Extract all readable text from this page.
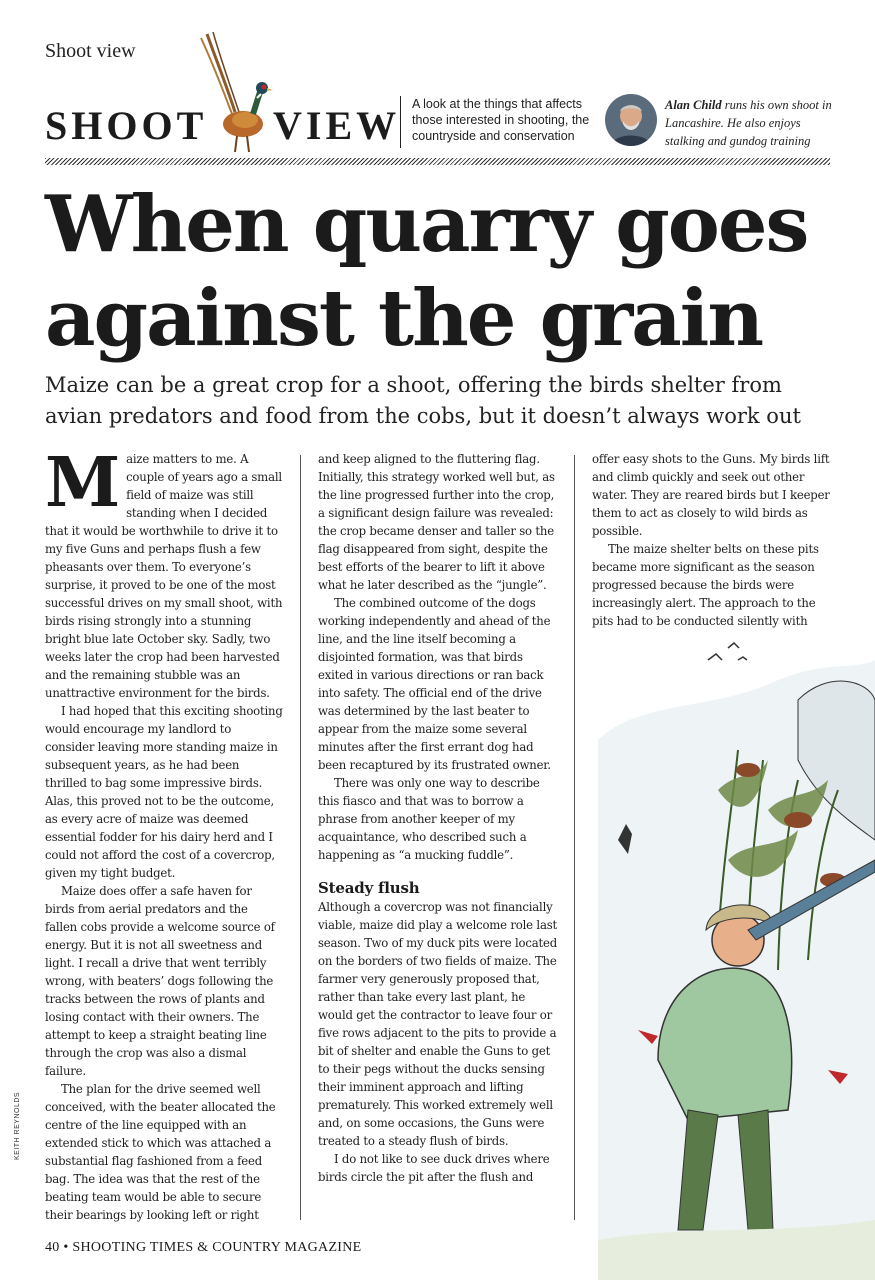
Shoot view
SHOOT VIEW A look at the things that affects those interested in shooting, the countryside and conservation
Alan Child runs his own shoot in Lancashire. He also enjoys stalking and gundog training
When quarry goes against the grain

Maize can be a great crop for a shoot, offering the birds shelter from avian predators and food from the cobs, but it doesn’t always work out

M aize matters to me. A couple of years ago a small field of maize was still standing when I decided that it would be worthwhile to drive it to my five Guns and perhaps flush a few pheasants over them. To everyone’s surprise, it proved to be one of the most successful drives on my small shoot, with birds rising strongly into a stunning bright blue late October sky. Sadly, two weeks later the crop had been harvested and the remaining stubble was an unattractive environment for the birds.

I had hoped that this exciting shooting would encourage my landlord to consider leaving more standing maize in subsequent years, as he had been thrilled to bag some impressive birds. Alas, this proved not to be the outcome, as every acre of maize was deemed essential fodder for his dairy herd and I could not afford the cost of a covercrop, given my tight budget.

Maize does offer a safe haven for birds from aerial predators and the fallen cobs provide a welcome source of energy. But it is not all sweetness and light. I recall a drive that went terribly wrong, with beaters’ dogs following the tracks between the rows of plants and losing contact with their owners. The attempt to keep a straight beating line through the crop was also a dismal failure.

The plan for the drive seemed well conceived, with the beater allocated the centre of the line equipped with an extended stick to which was attached a substantial flag fashioned from a feed bag. The idea was that the rest of the beating team would be able to secure their bearings by looking left or right

and keep aligned to the fluttering flag. Initially, this strategy worked well but, as the line progressed further into the crop, a significant design failure was revealed: the crop became denser and taller so the flag disappeared from sight, despite the best efforts of the bearer to lift it above what he later described as the “jungle”.

The combined outcome of the dogs working independently and ahead of the line, and the line itself becoming a disjointed formation, was that birds exited in various directions or ran back into safety. The official end of the drive was determined by the last beater to appear from the maize some several minutes after the first errant dog had been recaptured by its frustrated owner.

There was only one way to describe this fiasco and that was to borrow a phrase from another keeper of my acquaintance, who described such a happening as “a mucking fuddle”.

Steady flush

Although a covercrop was not financially viable, maize did play a welcome role last season. Two of my duck pits were located on the borders of two fields of maize. The farmer very generously proposed that, rather than take every last plant, he would get the contractor to leave four or five rows adjacent to the pits to provide a bit of shelter and enable the Guns to get to their pegs without the ducks sensing their imminent approach and lifting prematurely. This worked extremely well and, on some occasions, the Guns were treated to a steady flush of birds.

I do not like to see duck drives where birds circle the pit after the flush and

offer easy shots to the Guns. My birds lift and climb quickly and seek out other water. They are reared birds but I keeper them to act as closely to wild birds as possible.

The maize shelter belts on these pits became more significant as the season progressed because the birds were increasingly alert. The approach to the pits had to be conducted silently with

KEITH REYNOLDS
40 • SHOOTING TIMES & COUNTRY MAGAZINE
